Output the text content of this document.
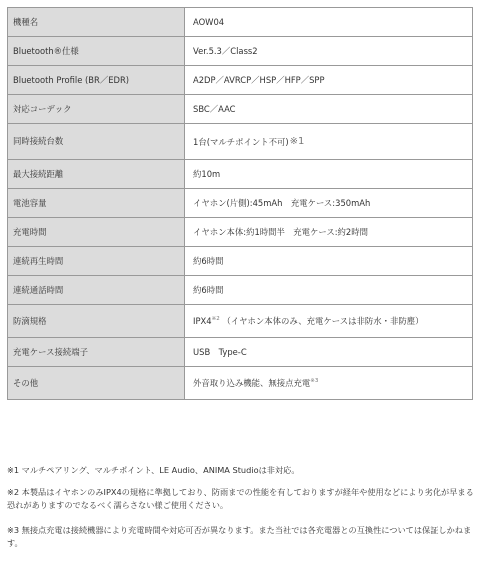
機種名	AOW04
Bluetooth®仕様	Ver.5.3／Class2
Bluetooth Profile (BR／EDR)	A2DP／AVRCP／HSP／HFP／SPP
対応コーデック	SBC／AAC
同時接続台数	1台(マルチポイント不可)※1
最大接続距離	約10m
電池容量	イヤホン(片側):45mAh　充電ケース:350mAh
充電時間	イヤホン本体:約1時間半　充電ケース:約2時間
連続再生時間	約6時間
連続通話時間	約6時間
防滴規格	IPX4$^{※2}$ （イヤホン本体のみ、充電ケースは非防水・非防塵）
充電ケース接続端子	USB　Type-C
その他	外音取り込み機能、無接点充電$^{※3}$

※1 マルチペアリング、マルチポイント、LE Audio、ANIMA Studioは非対応。

※2 本製品はイヤホンのみIPX4の規格に準拠しており、防雨までの性能を有しておりますが経年や使用などにより劣化が早まる恐れがありますのでなるべく濡らさない様ご使用ください。

※3 無接点充電は接続機器により充電時間や対応可否が異なります。また当社では各充電器との互換性については保証しかねます。
